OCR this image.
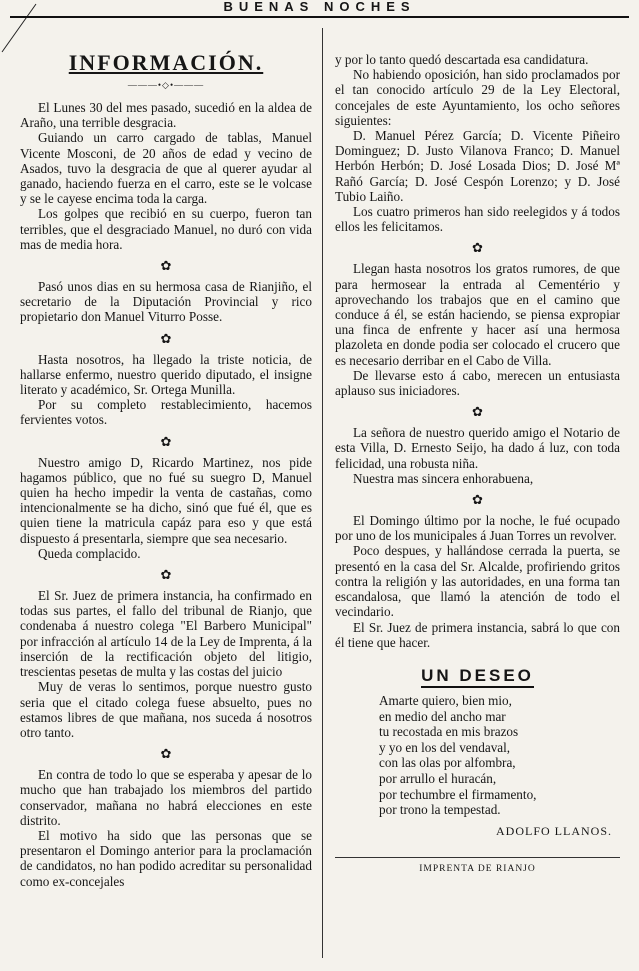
BUENAS NOCHES
INFORMACIÓN.
———•◇•———

El Lunes 30 del mes pasado, sucedió en la aldea de Araño, una terrible desgracia.

Guiando un carro cargado de tablas, Manuel Vicente Mosconi, de 20 años de edad y vecino de Asados, tuvo la desgracia de que al querer ayudar al ganado, haciendo fuerza en el carro, este se le volcase y se le cayese encima toda la carga.

Los golpes que recibió en su cuerpo, fueron tan terribles, que el desgraciado Manuel, no duró con vida mas de media hora.

✿

Pasó unos dias en su hermosa casa de Rianjiño, el secretario de la Diputación Provincial y rico propietario don Manuel Viturro Posse.

✿

Hasta nosotros, ha llegado la triste noticia, de hallarse enfermo, nuestro querido diputado, el insigne literato y académico, Sr. Ortega Munilla.

Por su completo restablecimiento, hacemos fervientes votos.

✿

Nuestro amigo D, Ricardo Martinez, nos pide hagamos público, que no fué su suegro D, Manuel quien ha hecho impedir la venta de castañas, como intencionalmente se ha dicho, sinó que fué él, que es quien tiene la matricula capáz para eso y que está dispuesto á presentarla, siempre que sea necesario.

Queda complacido.

✿

El Sr. Juez de primera instancia, ha confirmado en todas sus partes, el fallo del tribunal de Rianjo, que condenaba á nuestro colega "El Barbero Municipal" por infracción al artículo 14 de la Ley de Imprenta, á la inserción de la rectificación objeto del litigio, trescientas pesetas de multa y las costas del juicio

Muy de veras lo sentimos, porque nuestro gusto seria que el citado colega fuese absuelto, pues no estamos libres de que mañana, nos suceda á nosotros otro tanto.

✿

En contra de todo lo que se esperaba y apesar de lo mucho que han trabajado los miembros del partido conservador, mañana no habrá elecciones en este distrito.

El motivo ha sido que las personas que se presentaron el Domingo anterior para la proclamación de candidatos, no han podido acreditar su personalidad como ex-concejales

y por lo tanto quedó descartada esa candidatura.

No habiendo oposición, han sido proclamados por el tan conocido artículo 29 de la Ley Electoral, concejales de este Ayuntamiento, los ocho señores siguientes:

D. Manuel Pérez García; D. Vicente Piñeiro Dominguez; D. Justo Vilanova Franco; D. Manuel Herbón Herbón; D. José Losada Dios; D. José Mª Rañó García; D. José Cespón Lorenzo; y D. José Tubio Laiño.

Los cuatro primeros han sido reelegidos y á todos ellos les felicitamos.

✿

Llegan hasta nosotros los gratos rumores, de que para hermosear la entrada al Cementério y aprovechando los trabajos que en el camino que conduce á él, se están haciendo, se piensa expropiar una finca de enfrente y hacer así una hermosa plazoleta en donde podia ser colocado el crucero que es necesario derribar en el Cabo de Villa.

De llevarse esto á cabo, merecen un entusiasta aplauso sus iniciadores.

✿

La señora de nuestro querido amigo el Notario de esta Villa, D. Ernesto Seijo, ha dado á luz, con toda felicidad, una robusta niña.

Nuestra mas sincera enhorabuena,

✿

El Domingo último por la noche, le fué ocupado por uno de los municipales á Juan Torres un revolver.

Poco despues, y hallándose cerrada la puerta, se presentó en la casa del Sr. Alcalde, profiriendo gritos contra la religión y las autoridades, en una forma tan escandalosa, que llamó la atención de todo el vecindario.

El Sr. Juez de primera instancia, sabrá lo que con él tiene que hacer.

UN DESEO
Amarte quiero, bien mio,
en medio del ancho mar
tu recostada en mis brazos
y yo en los del vendaval,
con las olas por alfombra,
por arrullo el huracán,
por techumbre el firmamento,
por trono la tempestad.
ADOLFO LLANOS.
IMPRENTA DE RIANJO
